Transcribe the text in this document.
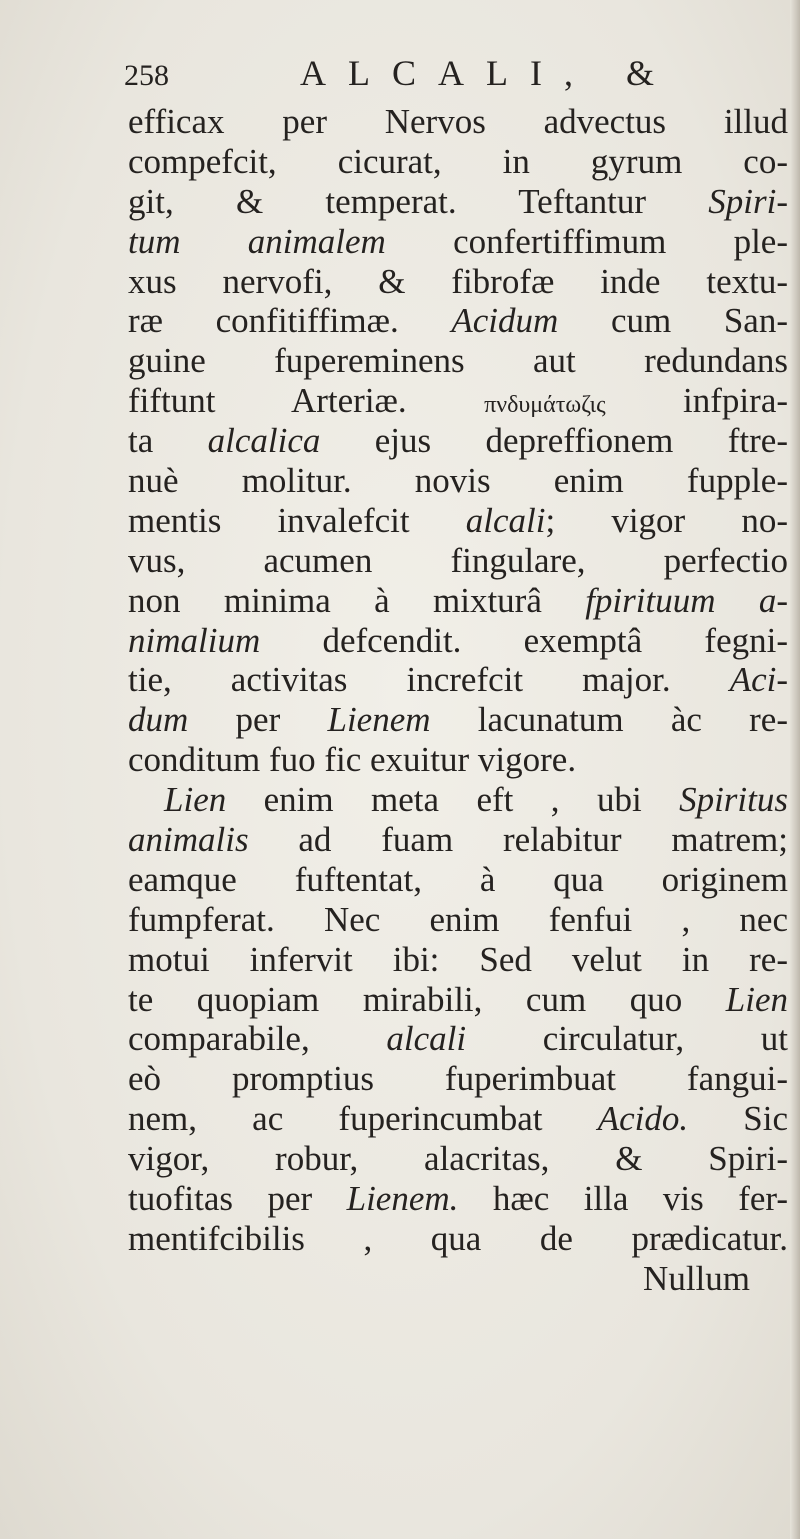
258	ALCALI, &
efficax per Nervos advectus illud
compefcit, cicurat, in gyrum co-
git, & temperat. Teftantur Spiri-
tum animalem confertiffimum ple-
xus nervofi, & fibrofæ inde textu-
ræ confitiffimæ. Acidum cum San-
guine fupereminens aut redundans
fiftunt Arteriæ. πνδυμάτωζις infpira-
ta alcalica ejus depreffionem ftre-
nuè molitur. novis enim fupple-
mentis invalefcit alcali; vigor no-
vus, acumen fingulare, perfectio
non minima à mixturâ fpirituum a-
nimalium defcendit. exemptâ fegni-
tie, activitas increfcit major. Aci-
dum per Lienem lacunatum àc re-
conditum fuo fic exuitur vigore.
Lien enim meta eft , ubi Spiritus
animalis ad fuam relabitur matrem;
eamque fuftentat, à qua originem
fumpferat. Nec enim fenfui , nec
motui infervit ibi: Sed velut in re-
te quopiam mirabili, cum quo Lien
comparabile, alcali circulatur, ut
eò promptius fuperimbuat fangui-
nem, ac fuperincumbat Acido. Sic
vigor, robur, alacritas, & Spiri-
tuofitas per Lienem. hæc illa vis fer-
mentifcibilis , qua de prædicatur.
Nullum
